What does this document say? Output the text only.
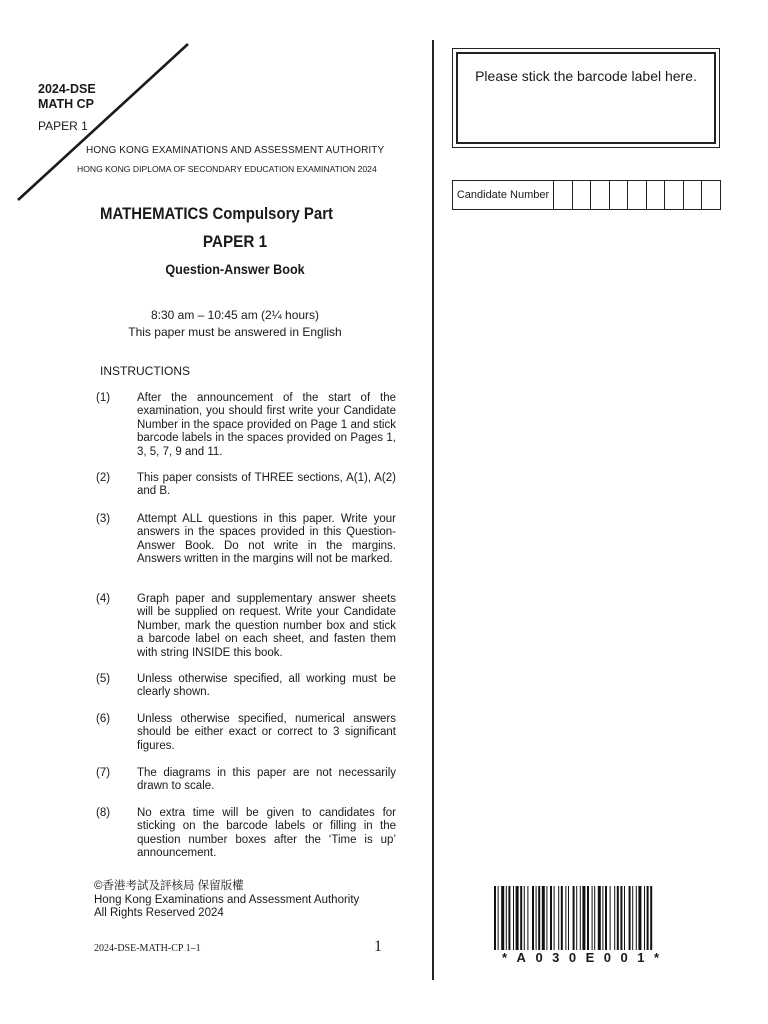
2024-DSE
MATH CP
PAPER 1
HONG KONG EXAMINATIONS AND ASSESSMENT AUTHORITY
HONG KONG DIPLOMA OF SECONDARY EDUCATION EXAMINATION 2024
MATHEMATICS Compulsory Part
PAPER 1
Question-Answer Book
8:30 am – 10:45 am (2¼ hours)
This paper must be answered in English
INSTRUCTIONS
(1)	After the announcement of the start of the examination, you should first write your Candidate Number in the space provided on Page 1 and stick barcode labels in the spaces provided on Pages 1, 3, 5, 7, 9 and 11.
(2)	This paper consists of THREE sections, A(1), A(2) and B.
(3)	Attempt ALL questions in this paper. Write your answers in the spaces provided in this Question-Answer Book. Do not write in the margins. Answers written in the margins will not be marked.
(4)	Graph paper and supplementary answer sheets will be supplied on request. Write your Candidate Number, mark the question number box and stick a barcode label on each sheet, and fasten them with string INSIDE this book.
(5)	Unless otherwise specified, all working must be clearly shown.
(6)	Unless otherwise specified, numerical answers should be either exact or correct to 3 significant figures.
(7)	The diagrams in this paper are not necessarily drawn to scale.
(8)	No extra time will be given to candidates for sticking on the barcode labels or filling in the question number boxes after the ‘Time is up’ announcement.
Please stick the barcode label here.
Candidate Number
©香港考試及評核局 保留版權
Hong Kong Examinations and Assessment Authority
All Rights Reserved 2024
2024-DSE-MATH-CP 1–1	1
*A030E001*
